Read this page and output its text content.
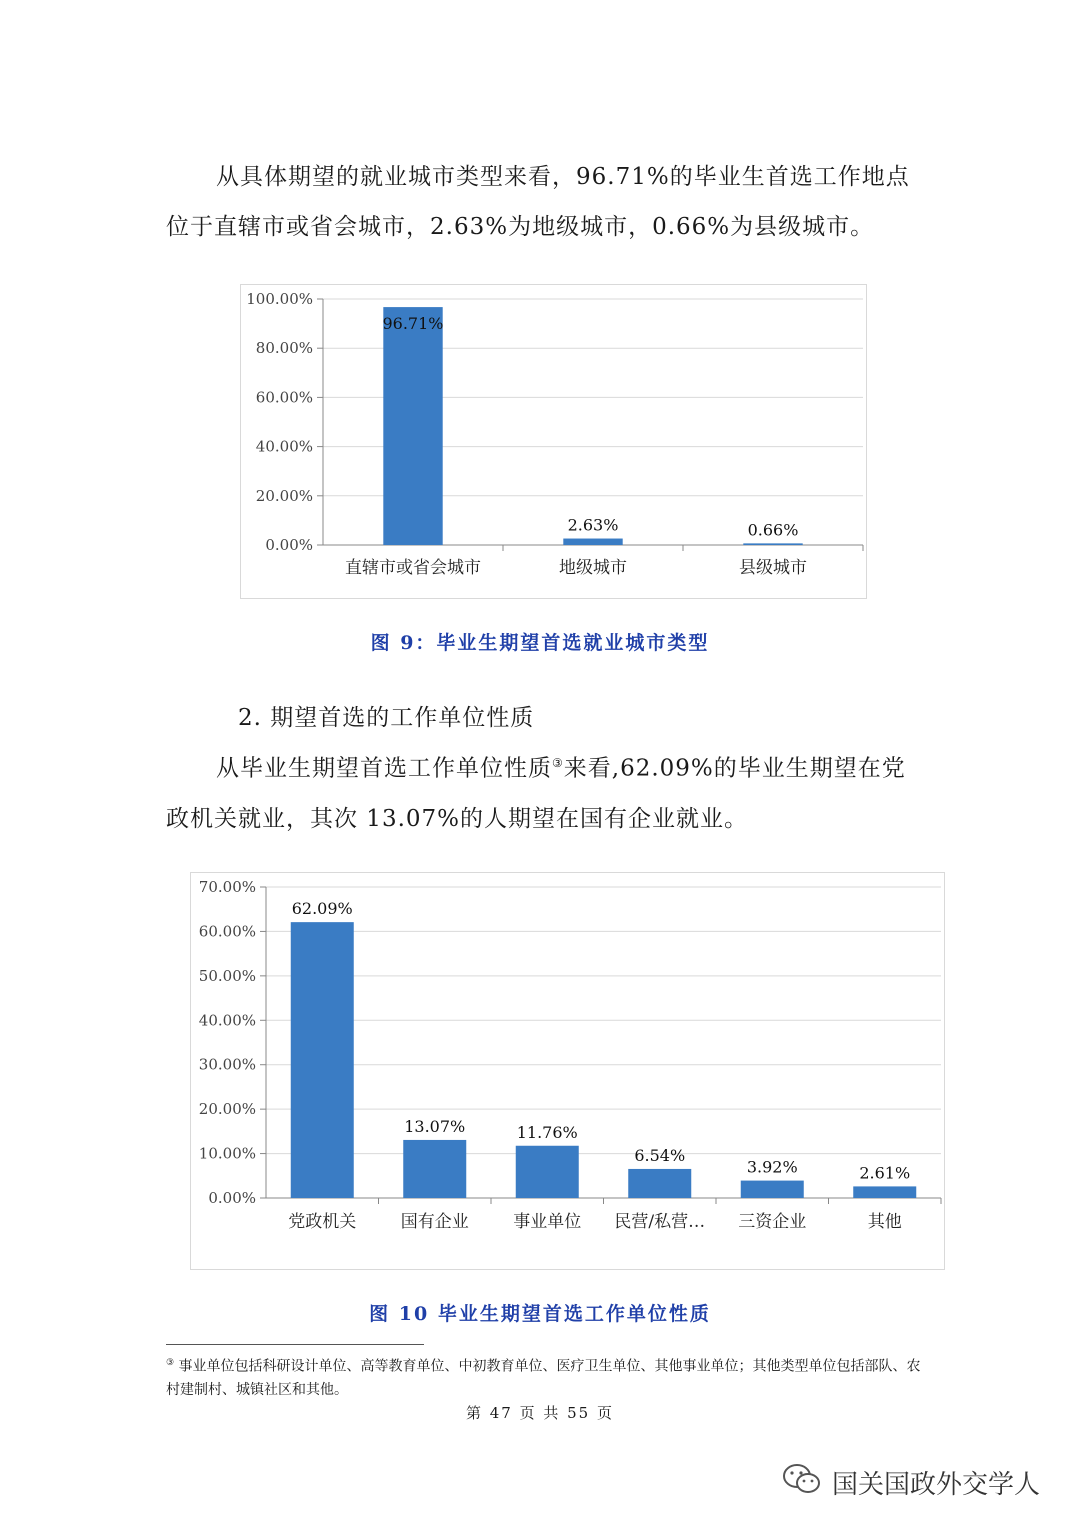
从具体期望的就业城市类型来看，96.71%的毕业生首选工作地点
位于直辖市或省会城市，2.63%为地级城市，0.66%为县级城市。

0.00%
20.00%
40.00%
60.00%
80.00%
100.00%
96.71%
直辖市或省会城市
2.63%
地级城市
0.66%
县级城市
图 9：毕业生期望首选就业城市类型

2. 期望首选的工作单位性质

从毕业生期望首选工作单位性质③来看,62.09%的毕业生期望在党
政机关就业，其次 13.07%的人期望在国有企业就业。

0.00%
10.00%
20.00%
30.00%
40.00%
50.00%
60.00%
70.00%
62.09%
党政机关
13.07%
国有企业
11.76%
事业单位
6.54%
民营/私营…
3.92%
三资企业
2.61%
其他
图 10 毕业生期望首选工作单位性质
③ 事业单位包括科研设计单位、高等教育单位、中初教育单位、医疗卫生单位、其他事业单位；其他类型单位包括部队、农村建制村、城镇社区和其他。
第 47 页 共 55 页
国关国政外交学人
